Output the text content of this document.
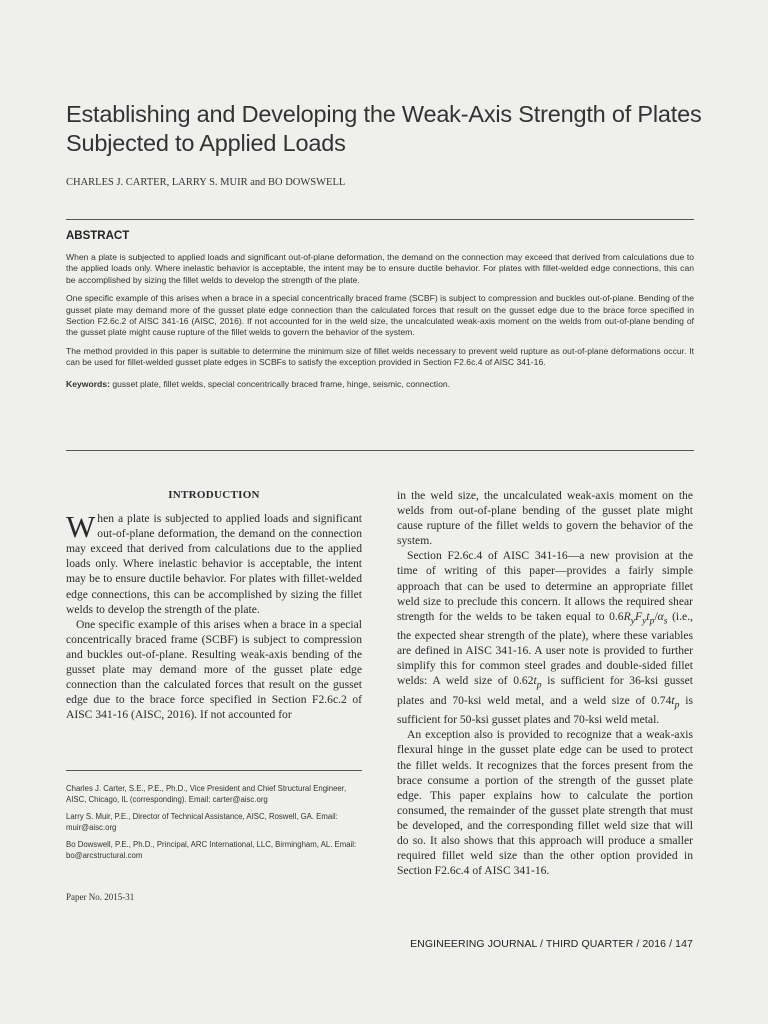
Establishing and Developing the Weak-Axis Strength of Plates Subjected to Applied Loads
CHARLES J. CARTER, LARRY S. MUIR and BO DOWSWELL
ABSTRACT

When a plate is subjected to applied loads and significant out-of-plane deformation, the demand on the connection may exceed that derived from calculations due to the applied loads only. Where inelastic behavior is acceptable, the intent may be to ensure ductile behavior. For plates with fillet-welded edge connections, this can be accomplished by sizing the fillet welds to develop the strength of the plate.

One specific example of this arises when a brace in a special concentrically braced frame (SCBF) is subject to compression and buckles out-of-plane. Bending of the gusset plate may demand more of the gusset plate edge connection than the calculated forces that result on the gusset edge due to the brace force specified in Section F2.6c.2 of AISC 341-16 (AISC, 2016). If not accounted for in the weld size, the uncalculated weak-axis moment on the welds from out-of-plane bending of the gusset plate might cause rupture of the fillet welds to govern the behavior of the system.

The method provided in this paper is suitable to determine the minimum size of fillet welds necessary to prevent weld rupture as out-of-plane deformations occur. It can be used for fillet-welded gusset plate edges in SCBFs to satisfy the exception provided in Section F2.6c.4 of AISC 341-16.

Keywords: gusset plate, fillet welds, special concentrically braced frame, hinge, seismic, connection.

INTRODUCTION

When a plate is subjected to applied loads and significant out-of-plane deformation, the demand on the connection may exceed that derived from calculations due to the applied loads only. Where inelastic behavior is acceptable, the intent may be to ensure ductile behavior. For plates with fillet-welded edge connections, this can be accomplished by sizing the fillet welds to develop the strength of the plate.

One specific example of this arises when a brace in a special concentrically braced frame (SCBF) is subject to compression and buckles out-of-plane. Resulting weak-axis bending of the gusset plate may demand more of the gusset plate edge connection than the calculated forces that result on the gusset edge due to the brace force specified in Section F2.6c.2 of AISC 341-16 (AISC, 2016). If not accounted for

in the weld size, the uncalculated weak-axis moment on the welds from out-of-plane bending of the gusset plate might cause rupture of the fillet welds to govern the behavior of the system.

Section F2.6c.4 of AISC 341-16—a new provision at the time of writing of this paper—provides a fairly simple approach that can be used to determine an appropriate fillet weld size to preclude this concern. It allows the required shear strength for the welds to be taken equal to $0.6R_yF_yt_p/\alpha_s$ (i.e., the expected shear strength of the plate), where these variables are defined in AISC 341-16. A user note is provided to further simplify this for common steel grades and double-sided fillet welds: A weld size of $0.62t_p$ is sufficient for 36-ksi gusset plates and 70-ksi weld metal, and a weld size of $0.74t_p$ is sufficient for 50-ksi gusset plates and 70-ksi weld metal.

An exception also is provided to recognize that a weak-axis flexural hinge in the gusset plate edge can be used to protect the fillet welds. It recognizes that the forces present from the brace consume a portion of the strength of the gusset plate edge. This paper explains how to calculate the portion consumed, the remainder of the gusset plate strength that must be developed, and the corresponding fillet weld size that will do so. It also shows that this approach will produce a smaller required fillet weld size than the other option provided in Section F2.6c.4 of AISC 341-16.

Charles J. Carter, S.E., P.E., Ph.D., Vice President and Chief Structural Engineer, AISC, Chicago, IL (corresponding). Email: carter@aisc.org

Larry S. Muir, P.E., Director of Technical Assistance, AISC, Roswell, GA. Email: muir@aisc.org

Bo Dowswell, P.E., Ph.D., Principal, ARC International, LLC, Birmingham, AL. Email: bo@arcstructural.com

Paper No. 2015-31
ENGINEERING JOURNAL / THIRD QUARTER / 2016 / 147
